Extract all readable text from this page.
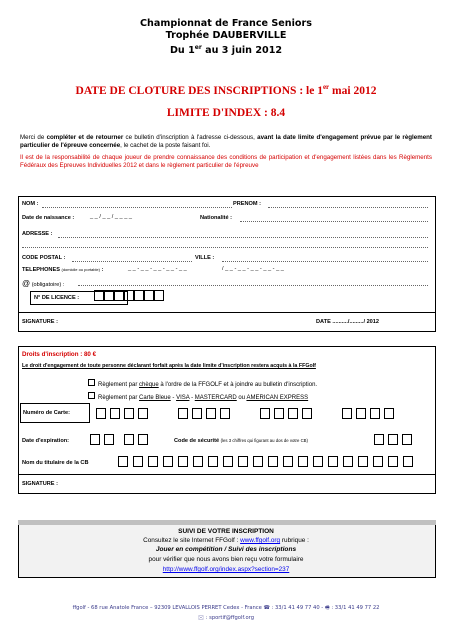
Championnat de France Seniors
Trophée DAUBERVILLE
Du 1er au 3 juin 2012
DATE DE CLOTURE DES INSCRIPTIONS : le 1er mai 2012
LIMITE D'INDEX : 8.4
Merci de compléter et de retourner ce bulletin d'inscription à l'adresse ci-dessous, avant la date limite d'engagement prévue par le règlement particulier de l'épreuve concernée, le cachet de la poste faisant foi.
Il est de la responsabilité de chaque joueur de prendre connaissance des conditions de participation et d'engagement listées dans les Règlements Fédéraux des Epreuves Individuelles 2012 et dans le règlement particulier de l'épreuve
NOM :	PRENOM :
Date de naissance :	_ _ / _ _ / _ _ _ _	Nationalité :
ADRESSE :
CODE POSTAL :	VILLE :
TELEPHONES (domicile ou portable) :	_ _ - _ _ - _ _ - _ _ - _ _	/ _ _ - _ _ - _ _ - _ _ - _ _
@ (obligatoire) :
N° DE LICENCE :
SIGNATURE :	DATE ........../........./ 2012
Droits d'inscription : 80 €
Le droit d'engagement de toute personne déclarant forfait après la date limite d'inscription restera acquis à la FFGolf
Règlement par chèque à l'ordre de la FFGOLF et à joindre au bulletin d'inscription.
Règlement par Carte Bleue - VISA - MASTERCARD ou AMERICAN EXPRESS
Numéro de Carte:
Date d'expiration:	Code de sécurité (les 3 chiffres qui figurant au dos de votre CB)
Nom du titulaire de la CB
SIGNATURE :
SUIVI DE VOTRE INSCRIPTION
Consultez le site Internet FFGolf : www.ffgolf.org rubrique :
Jouer en compétition / Suivi des inscriptions
pour vérifier que nous avons bien reçu votre formulaire
http://www.ffgolf.org/index.aspx?section=237
ffgolf - 68 rue Anatole France – 92309 LEVALLOIS PERRET Cedex - France ☎ : 33/1 41 49 77 40 - 🖷 : 33/1 41 49 77 22
🖂 : sportif@ffgolf.org
